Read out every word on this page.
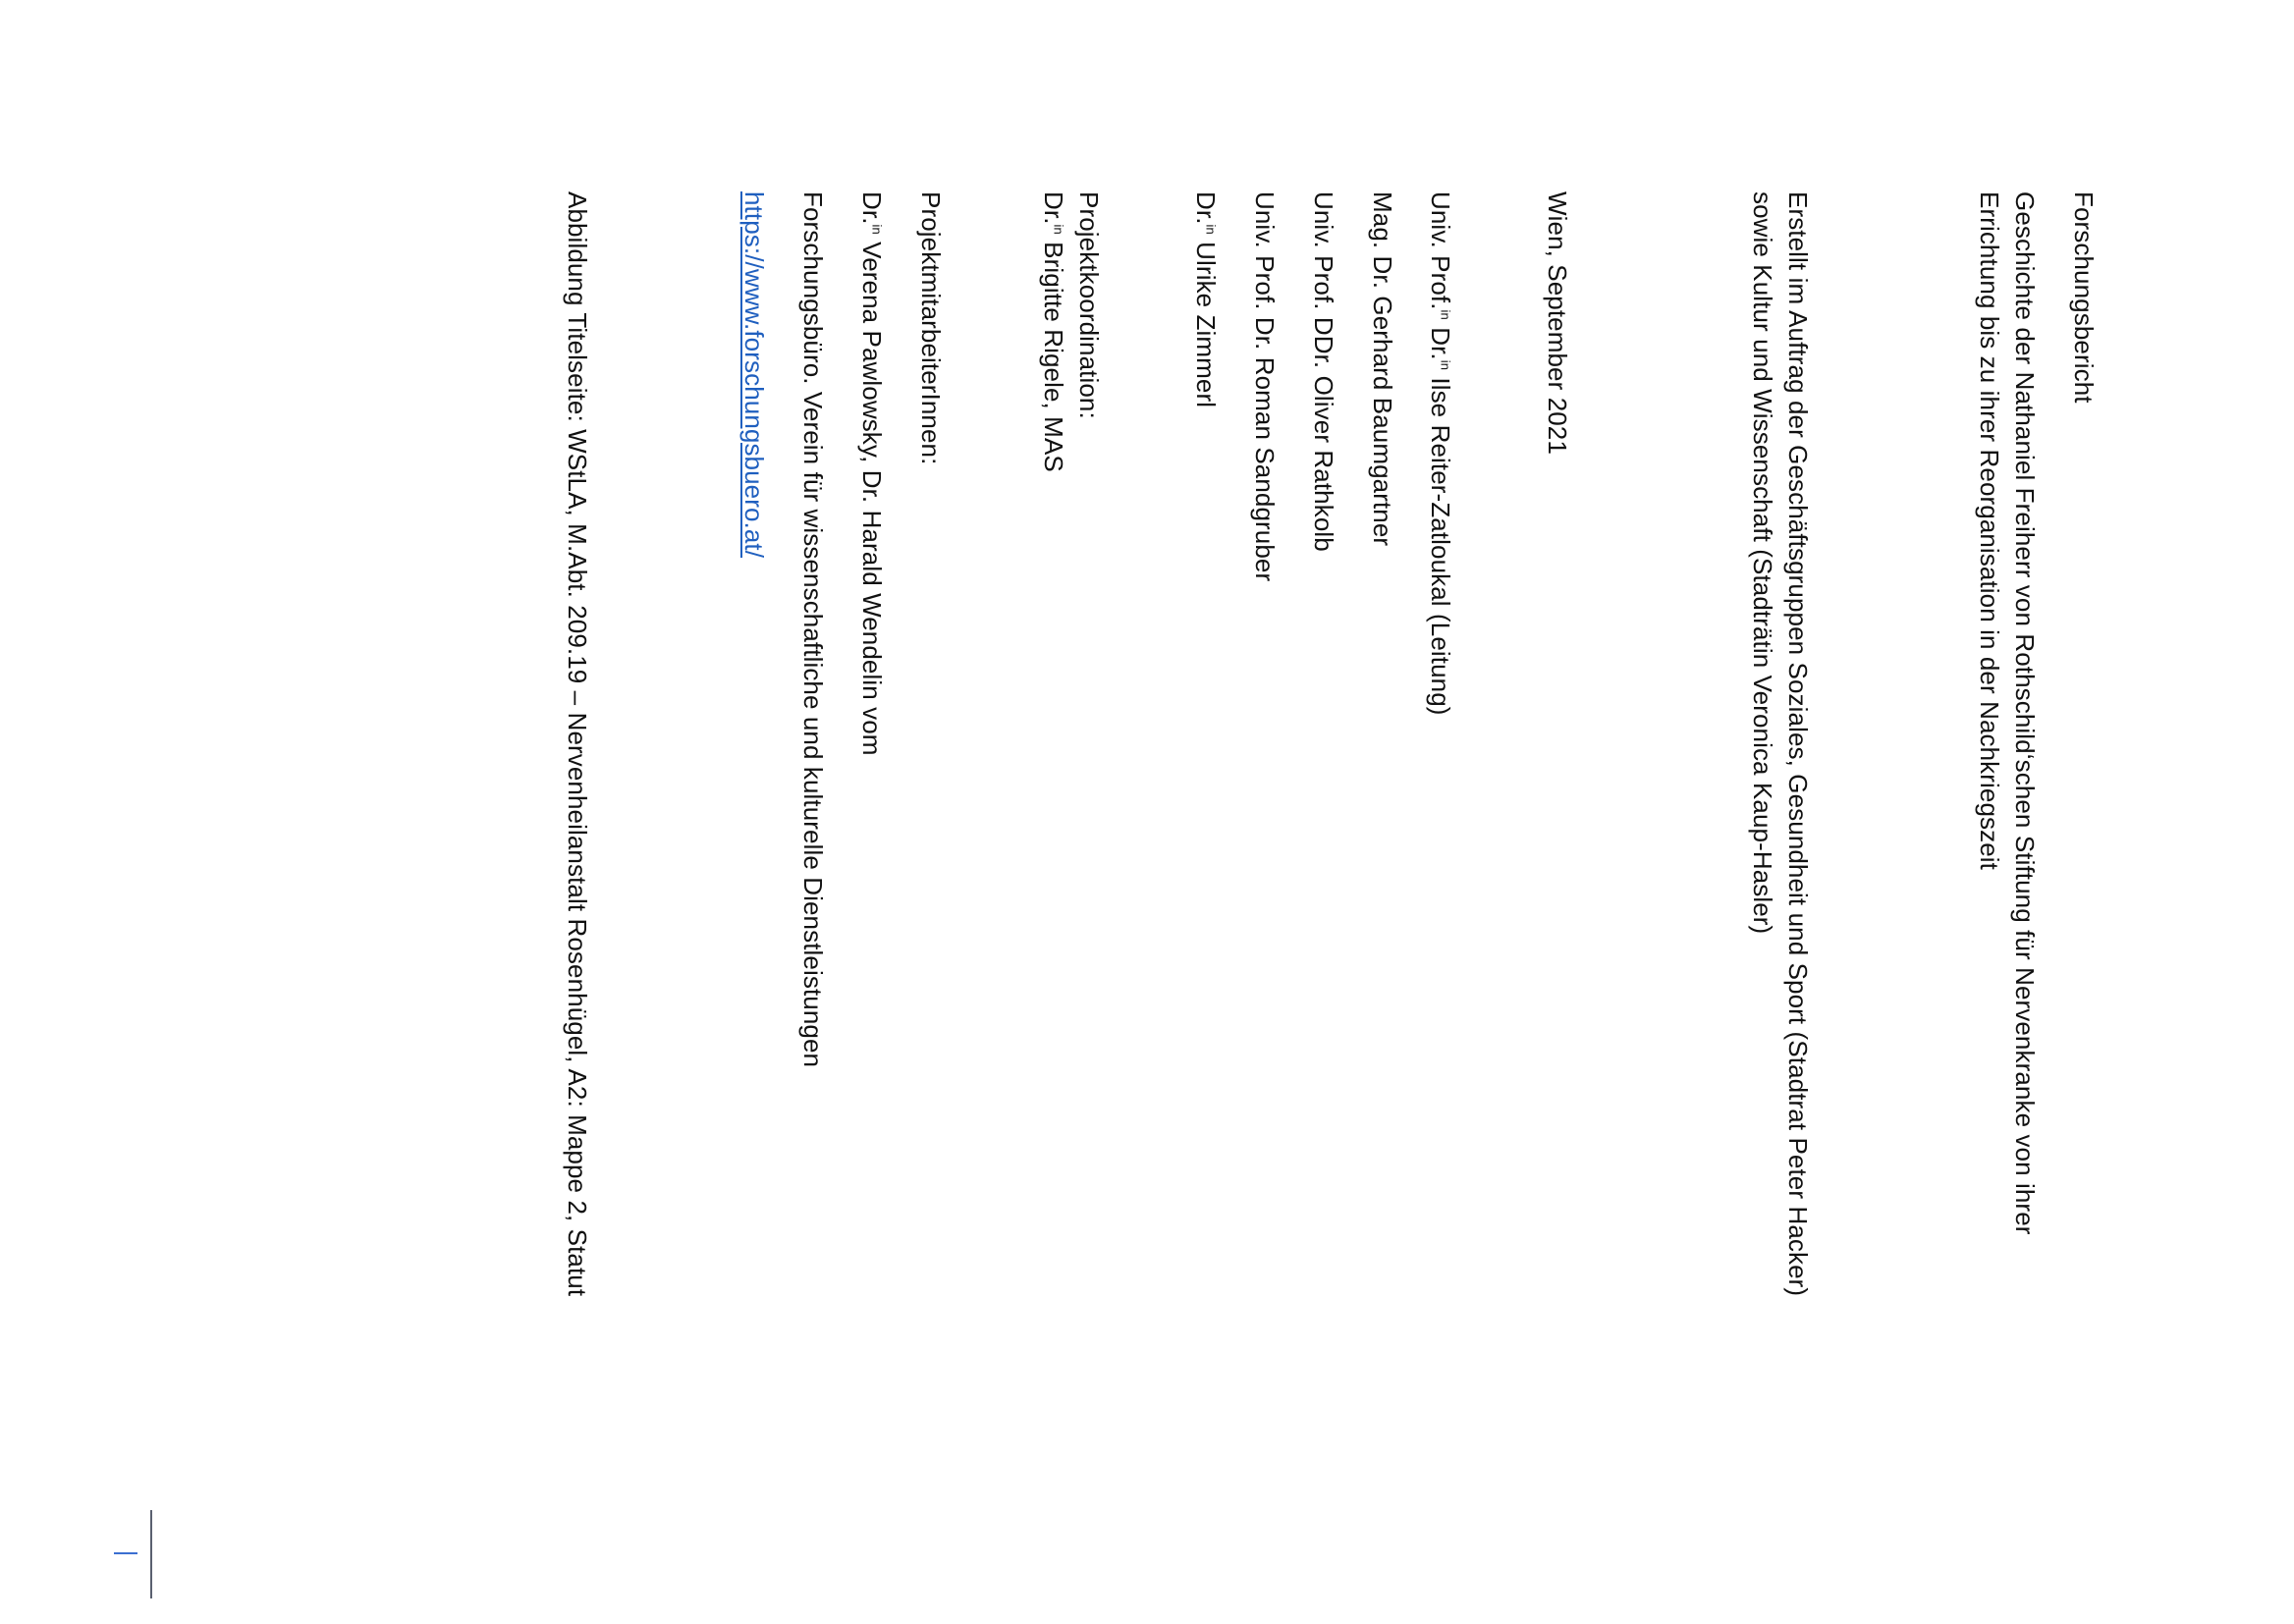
Forschungsbericht
Geschichte der Nathaniel Freiherr von Rothschild‘schen Stiftung für Nervenkranke von ihrer
Errichtung bis zu ihrer Reorganisation in der Nachkriegszeit
Erstellt im Auftrag der Geschäftsgruppen Soziales, Gesundheit und Sport (Stadtrat Peter Hacker)
sowie Kultur und Wissenschaft (Stadträtin Veronica Kaup-Hasler)
Wien, September 2021
Univ. Prof.$^{in}$ Dr.$^{in}$ Ilse Reiter-Zatloukal (Leitung)
Mag. Dr. Gerhard Baumgartner
Univ. Prof. DDr. Oliver Rathkolb
Univ. Prof. Dr. Roman Sandgruber
Dr.$^{in}$ Ulrike Zimmerl
Projektkoordination:
Dr.$^{in}$ Brigitte Rigele, MAS
ProjektmitarbeiterInnen:
Dr.$^{in}$ Verena Pawlowsky, Dr. Harald Wendelin vom
Forschungsbüro. Verein für wissenschaftliche und kulturelle Dienstleistungen
https://www.forschungsbuero.at/
Abbildung Titelseite: WStLA, M.Abt. 209.19 – Nervenheilanstalt Rosenhügel, A2: Mappe 2, Statut
